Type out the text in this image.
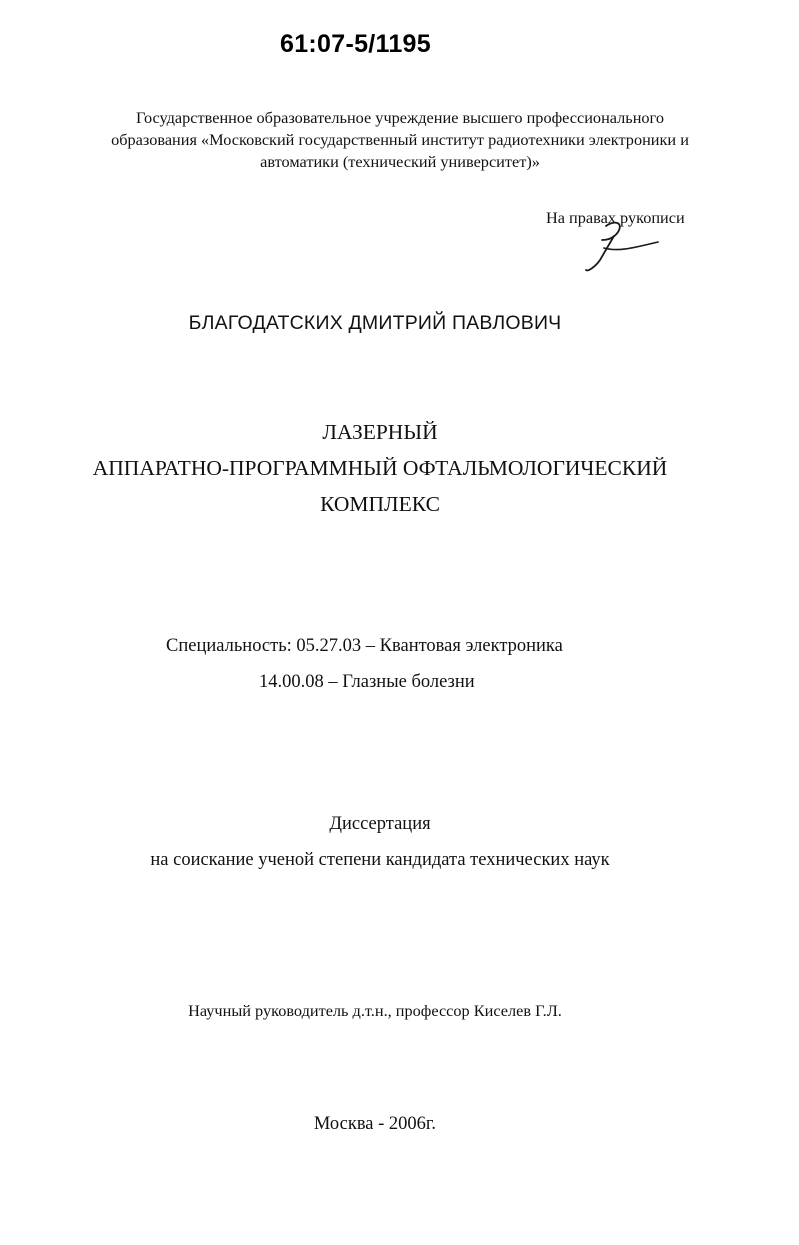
61:07-5/1195
Государственное образовательное учреждение высшего профессионального
образования «Московский государственный институт радиотехники электроники и
автоматики (технический университет)»
На правах рукописи
БЛАГОДАТСКИХ ДМИТРИЙ ПАВЛОВИЧ
ЛАЗЕРНЫЙ
АППАРАТНО-ПРОГРАММНЫЙ ОФТАЛЬМОЛОГИЧЕСКИЙ
КОМПЛЕКС
Специальность: 05.27.03 – Квантовая электроника
14.00.08 – Глазные болезни
Диссертация
на соискание ученой степени кандидата технических наук
Научный руководитель д.т.н., профессор Киселев Г.Л.
Москва - 2006г.
